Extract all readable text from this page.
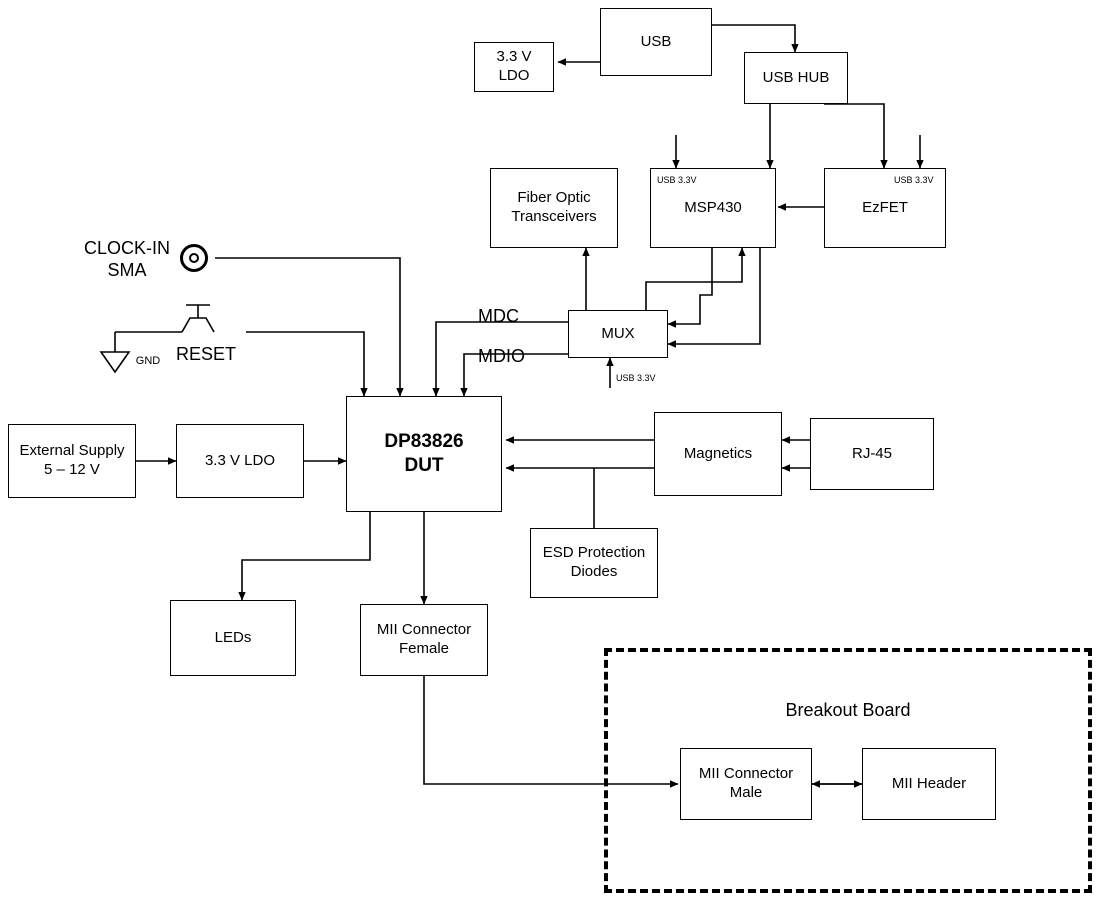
3.3 V
LDO
USB
USB HUB
Fiber Optic
Transceivers
MSP430	EzFET
MUX
External Supply
5 – 12 V
3.3 V LDO
DP83826
DUT
Magnetics	RJ-45
ESD Protection
Diodes
LEDs	MII Connector
Female
MII Connector
Male
MII Header
CLOCK-IN
SMA
GND RESET
MDC
MDIO
USB 3.3V	USB 3.3V
USB 3.3V
Breakout Board
